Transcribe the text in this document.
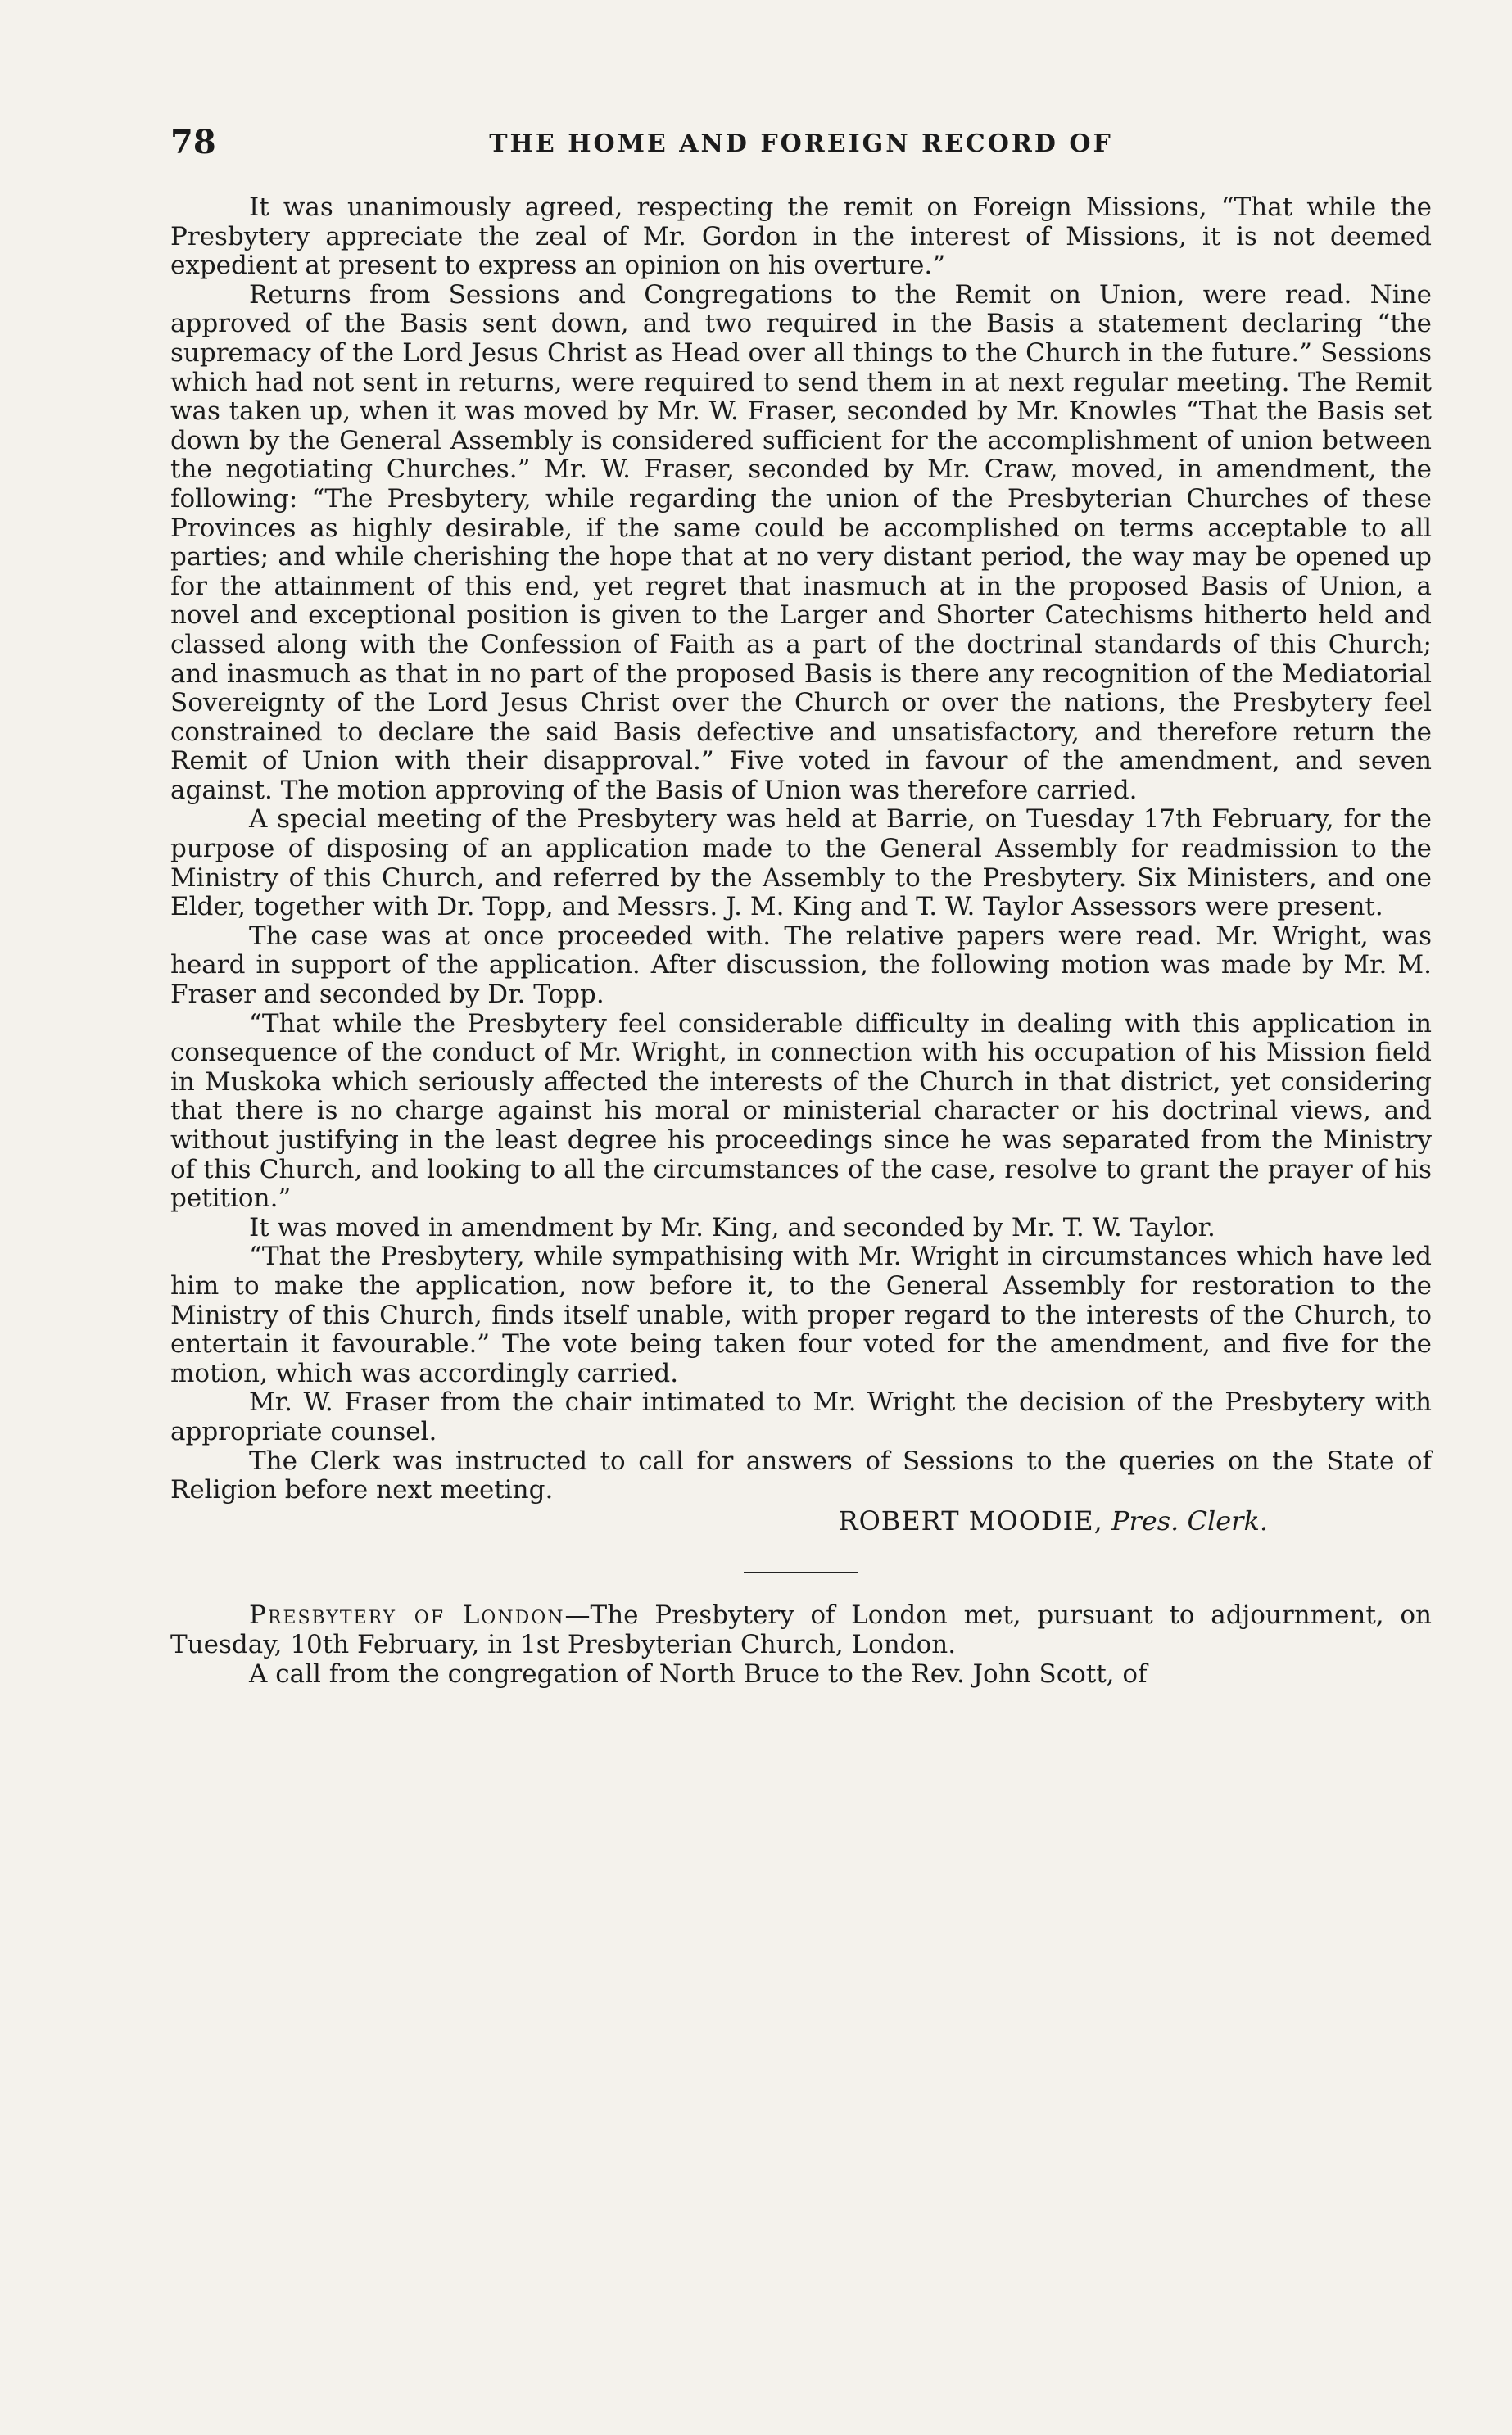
78	THE HOME AND FOREIGN RECORD OF

It was unanimously agreed, respecting the remit on Foreign Missions, “That while the Presbytery appreciate the zeal of Mr. Gordon in the interest of Missions, it is not deemed expedient at present to express an opinion on his overture.”

Returns from Sessions and Congregations to the Remit on Union, were read. Nine approved of the Basis sent down, and two required in the Basis a statement declaring “the supremacy of the Lord Jesus Christ as Head over all things to the Church in the future.” Sessions which had not sent in returns, were required to send them in at next regular meeting. The Remit was taken up, when it was moved by Mr. W. Fraser, seconded by Mr. Knowles “That the Basis set down by the General Assembly is considered sufficient for the accomplishment of union between the negotiating Churches.” Mr. W. Fraser, seconded by Mr. Craw, moved, in amendment, the following: “The Presbytery, while regarding the union of the Presbyterian Churches of these Provinces as highly desirable, if the same could be accomplished on terms acceptable to all parties; and while cherishing the hope that at no very distant period, the way may be opened up for the attainment of this end, yet regret that inasmuch at in the proposed Basis of Union, a novel and exceptional position is given to the Larger and Shorter Catechisms hitherto held and classed along with the Confession of Faith as a part of the doctrinal standards of this Church; and inasmuch as that in no part of the proposed Basis is there any recognition of the Mediatorial Sovereignty of the Lord Jesus Christ over the Church or over the nations, the Presbytery feel constrained to declare the said Basis defective and unsatisfactory, and therefore return the Remit of Union with their disapproval.” Five voted in favour of the amendment, and seven against. The motion approving of the Basis of Union was therefore carried.

A special meeting of the Presbytery was held at Barrie, on Tuesday 17th February, for the purpose of disposing of an application made to the General Assembly for readmission to the Ministry of this Church, and referred by the Assembly to the Presbytery. Six Ministers, and one Elder, together with Dr. Topp, and Messrs. J. M. King and T. W. Taylor Assessors were present.

The case was at once proceeded with. The relative papers were read. Mr. Wright, was heard in support of the application. After discussion, the following motion was made by Mr. M. Fraser and seconded by Dr. Topp.

“That while the Presbytery feel considerable difficulty in dealing with this application in consequence of the conduct of Mr. Wright, in connection with his occupation of his Mission field in Muskoka which seriously affected the interests of the Church in that district, yet considering that there is no charge against his moral or ministerial character or his doctrinal views, and without justifying in the least degree his proceedings since he was separated from the Ministry of this Church, and looking to all the circumstances of the case, resolve to grant the prayer of his petition.”

It was moved in amendment by Mr. King, and seconded by Mr. T. W. Taylor.

“That the Presbytery, while sympathising with Mr. Wright in circumstances which have led him to make the application, now before it, to the General Assembly for restoration to the Ministry of this Church, finds itself unable, with proper regard to the interests of the Church, to entertain it favourable.” The vote being taken four voted for the amendment, and five for the motion, which was accordingly carried.

Mr. W. Fraser from the chair intimated to Mr. Wright the decision of the Presbytery with appropriate counsel.

The Clerk was instructed to call for answers of Sessions to the queries on the State of Religion before next meeting.

ROBERT MOODIE, Pres. Clerk.

Presbytery of London—The Presbytery of London met, pursuant to adjournment, on Tuesday, 10th February, in 1st Presbyterian Church, London.

A call from the congregation of North Bruce to the Rev. John Scott, of
